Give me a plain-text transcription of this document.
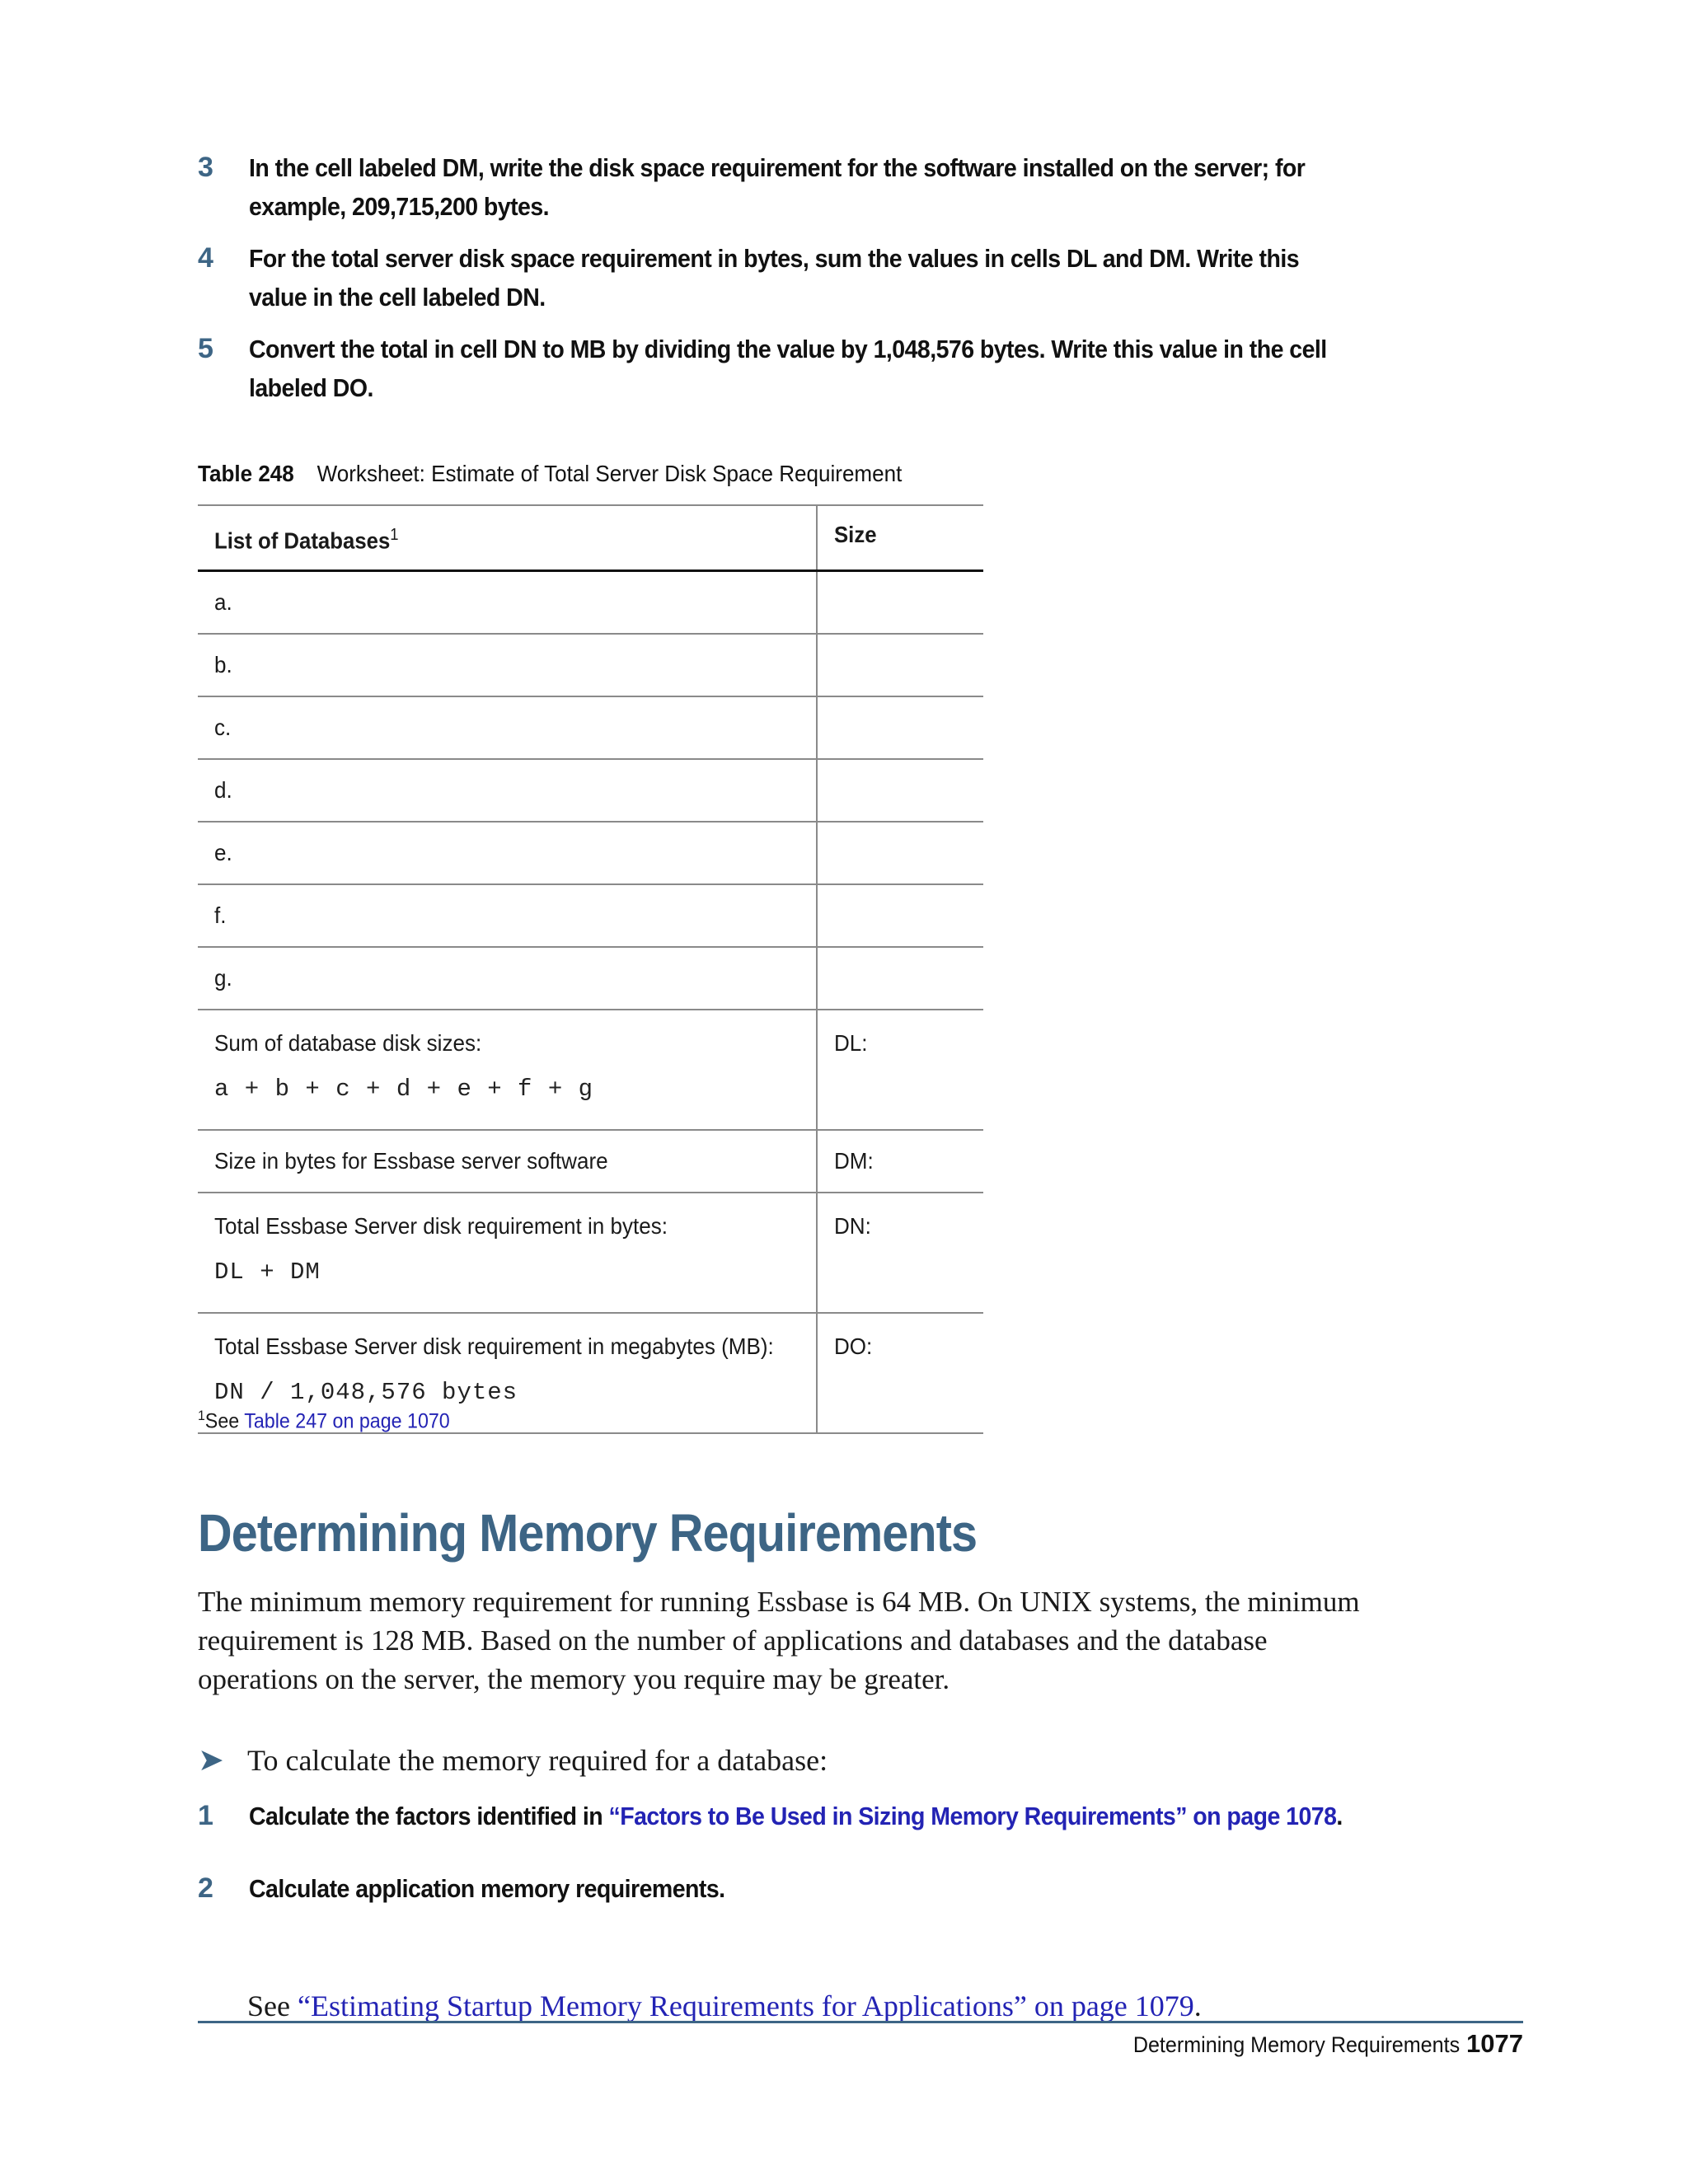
3	In the cell labeled DM, write the disk space requirement for the software installed on the server; for example, 209,715,200 bytes.
4	For the total server disk space requirement in bytes, sum the values in cells DL and DM. Write this value in the cell labeled DN.
5	Convert the total in cell DN to MB by dividing the value by 1,048,576 bytes. Write this value in the cell labeled DO.
Table 248 Worksheet: Estimate of Total Server Disk Space Requirement
List of Databases$^1$	Size
a.	
b.	
c.	
d.	
e.	
f.	
g.	

Sum of database disk sizes:
a + b + c + d + e + f + g	DL:
Size in bytes for Essbase server software	DM:

Total Essbase Server disk requirement in bytes:
DL + DM	DN:

Total Essbase Server disk requirement in megabytes (MB):
DN / 1,048,576 bytes	DO:
$^1$See Table 247 on page 1070
Determining Memory Requirements
The minimum memory requirement for running Essbase is 64 MB. On UNIX systems, the minimum requirement is 128 MB. Based on the number of applications and databases and the database operations on the server, the memory you require may be greater.
➤ To calculate the memory required for a database:
1	Calculate the factors identified in “Factors to Be Used in Sizing Memory Requirements” on page 1078.
2	Calculate application memory requirements.
See “Estimating Startup Memory Requirements for Applications” on page 1079.
Determining Memory Requirements 1077
